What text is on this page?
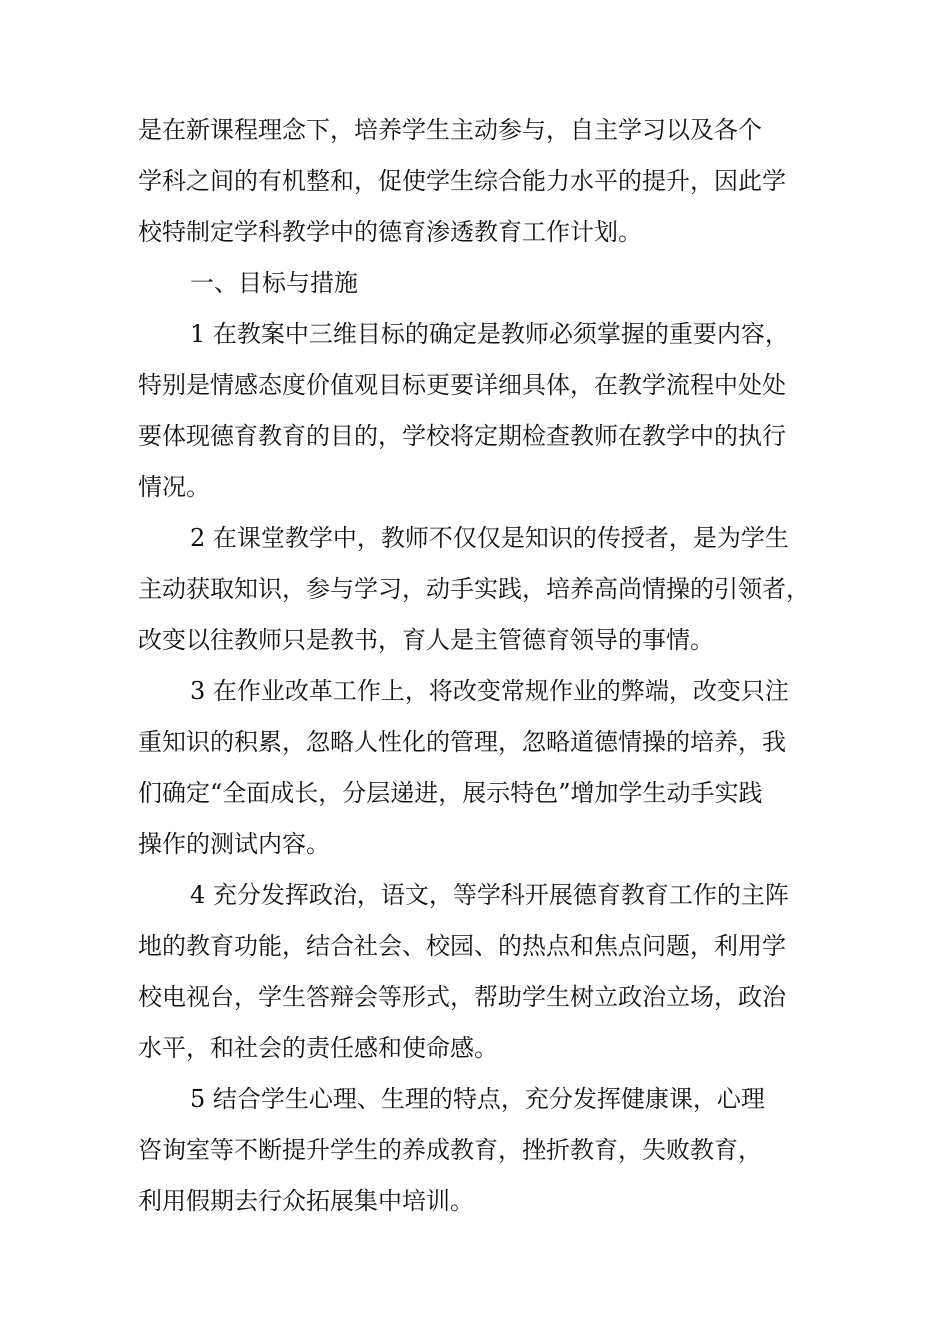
是在新课程理念下，培养学生主动参与，自主学习以及各个
学科之间的有机整和，促使学生综合能力水平的提升，因此学
校特制定学科教学中的德育渗透教育工作计划。
一、目标与措施
1 在教案中三维目标的确定是教师必须掌握的重要内容，
特别是情感态度价值观目标更要详细具体，在教学流程中处处
要体现德育教育的目的，学校将定期检查教师在教学中的执行
情况。
2 在课堂教学中，教师不仅仅是知识的传授者，是为学生
主动获取知识，参与学习，动手实践，培养高尚情操的引领者，
改变以往教师只是教书，育人是主管德育领导的事情。
3 在作业改革工作上，将改变常规作业的弊端，改变只注
重知识的积累，忽略人性化的管理，忽略道德情操的培养，我
们确定“全面成长，分层递进，展示特色”增加学生动手实践
操作的测试内容。
4 充分发挥政治，语文，等学科开展德育教育工作的主阵
地的教育功能，结合社会、校园、的热点和焦点问题，利用学
校电视台，学生答辩会等形式，帮助学生树立政治立场，政治
水平，和社会的责任感和使命感。
5 结合学生心理、生理的特点，充分发挥健康课，心理
咨询室等不断提升学生的养成教育，挫折教育，失败教育，
利用假期去行众拓展集中培训。
